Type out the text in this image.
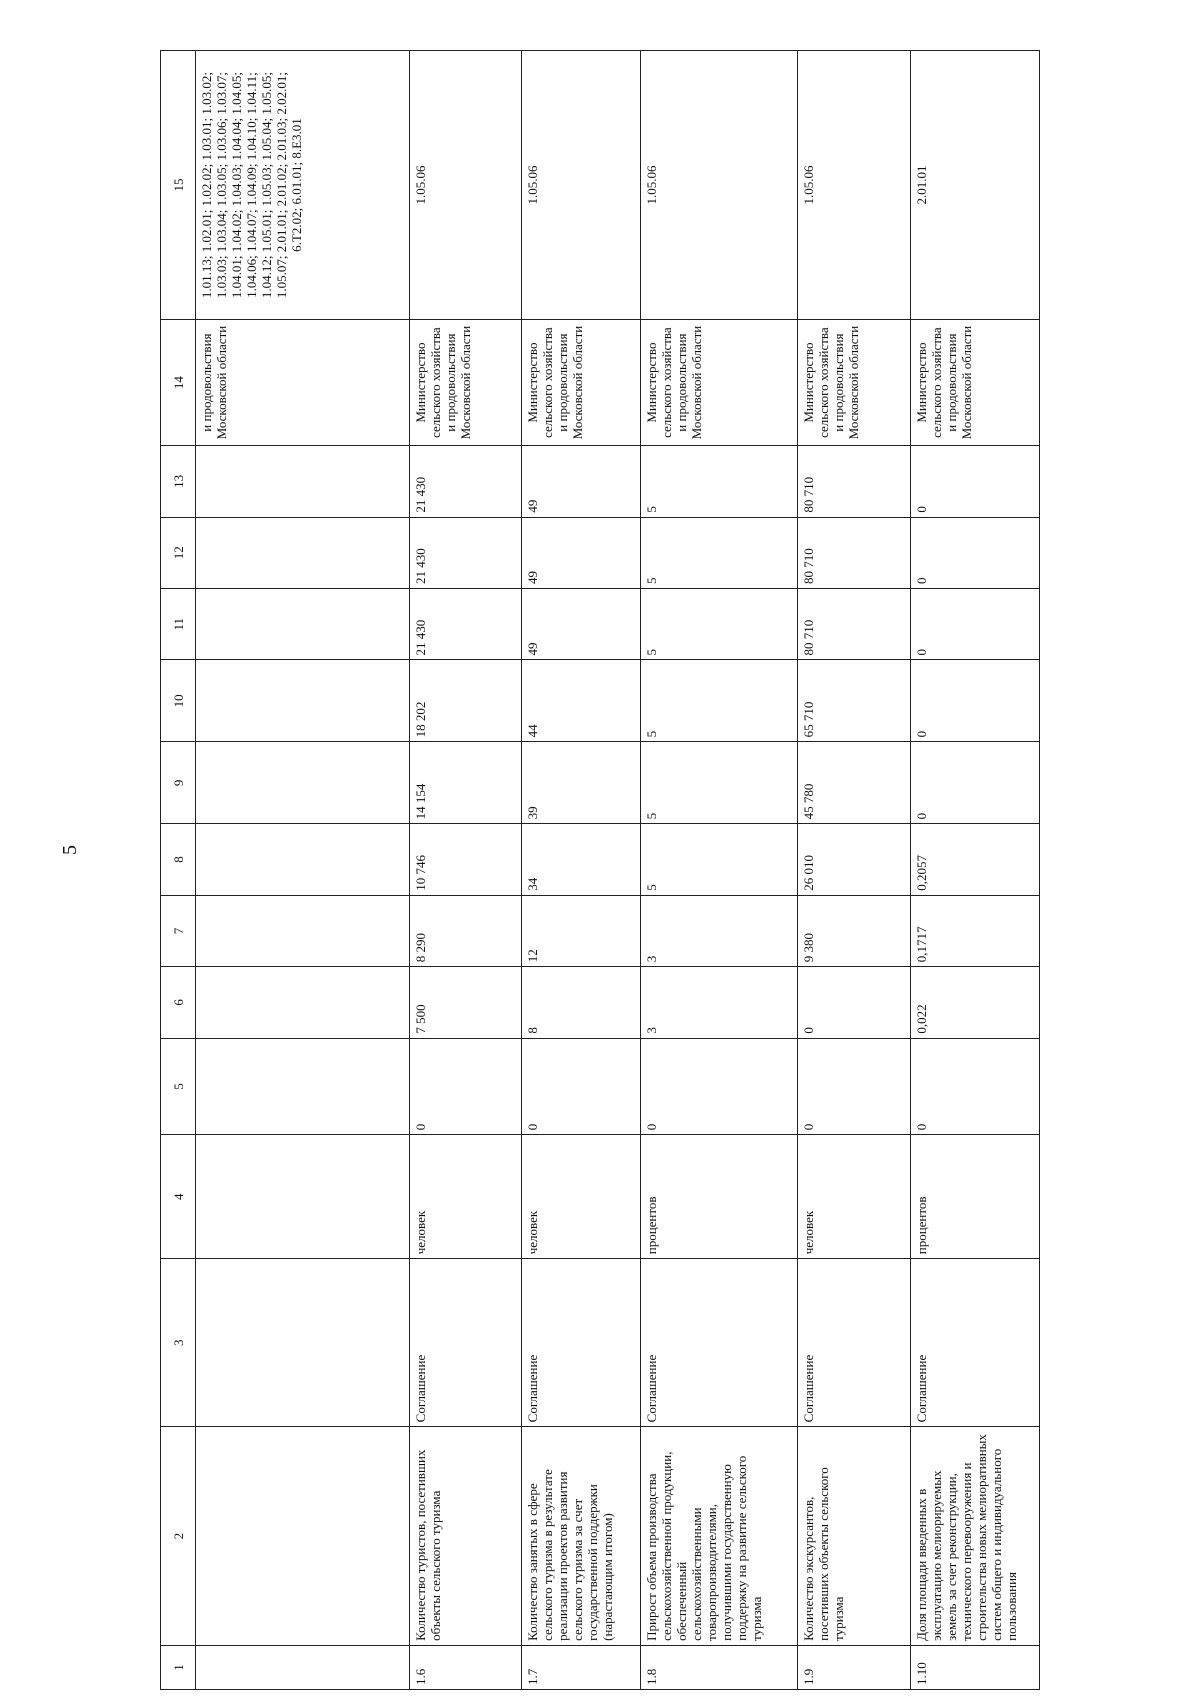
5
1	2	3	4	5	6	7	8	9	10	11	12	13	14	15
													и продовольствия Московской области	1.01.13; 1.02.01; 1.02.02; 1.03.01; 1.03.02; 1.03.03; 1.03.04; 1.03.05; 1.03.06; 1.03.07; 1.04.01; 1.04.02; 1.04.03; 1.04.04; 1.04.05; 1.04.06; 1.04.07; 1.04.09; 1.04.10; 1.04.11; 1.04.12; 1.05.01; 1.05.03; 1.05.04; 1.05.05; 1.05.07; 2.01.01; 2.01.02; 2.01.03; 2.02.01; 6.Т2.02; 6.01.01; 8.Е3.01
1.6	Количество туристов, посетивших объекты сельского туризма	Соглашение	человек	0	7 500	8 290	10 746	14 154	18 202	21 430	21 430	21 430	Министерство сельского хозяйства и продовольствия Московской области	1.05.06
1.7	Количество занятых в сфере сельского туризма в результате реализации проектов развития сельского туризма за счет государственной поддержки (нарастающим итогом)	Соглашение	человек	0	8	12	34	39	44	49	49	49	Министерство сельского хозяйства и продовольствия Московской области	1.05.06
1.8	Прирост объема производства сельскохозяйственной продукции, обеспеченный сельскохозяйственными товаропроизводителями, получившими государственную поддержку на развитие сельского туризма	Соглашение	процентов	0	3	3	5	5	5	5	5	5	Министерство сельского хозяйства и продовольствия Московской области	1.05.06
1.9	Количество экскурсантов, посетивших объекты сельского туризма	Соглашение	человек	0	0	9 380	26 010	45 780	65 710	80 710	80 710	80 710	Министерство сельского хозяйства и продовольствия Московской области	1.05.06
1.10	Доля площади введенных в эксплуатацию мелиорируемых земель за счет реконструкции, технического перевооружения и строительства новых мелиоративных систем общего и индивидуального пользования	Соглашение	процентов	0	0,022	0,1717	0,2057	0	0	0	0	0	Министерство сельского хозяйства и продовольствия Московской области	2.01.01
